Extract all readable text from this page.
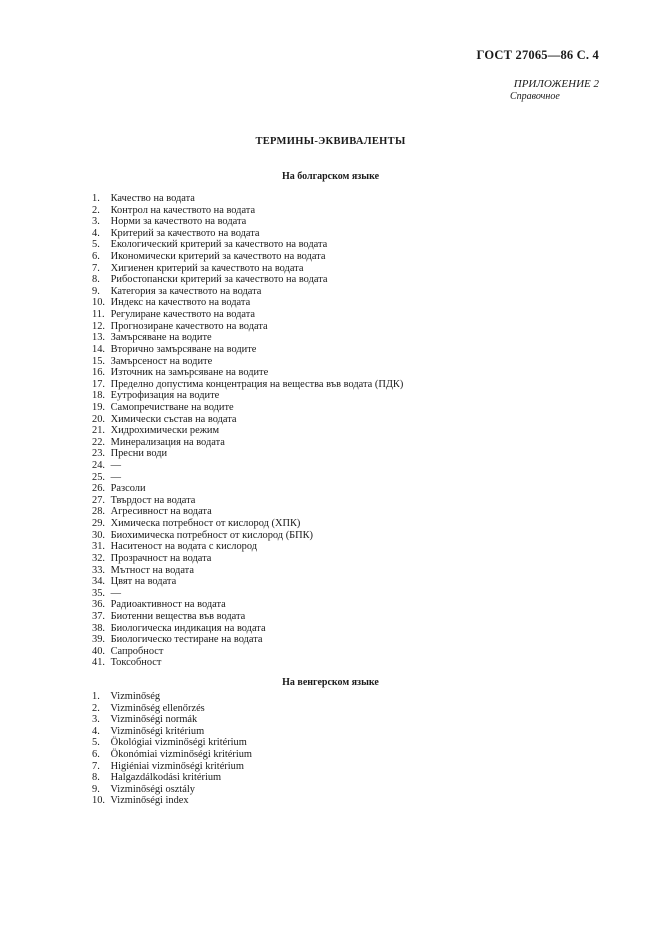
ГОСТ 27065—86 С. 4
ПРИЛОЖЕНИЕ 2
Справочное
ТЕРМИНЫ-ЭКВИВАЛЕНТЫ
На болгарском языке
1. Качество на водата
2. Контрол на качеството на водата
3. Норми за качеството на водата
4. Критерий за качеството на водата
5. Екологический критерий за качеството на водата
6. Икономически критерий за качеството на водата
7. Хигиенен критерий за качеството на водата
8. Рибостопански критерий за качеството на водата
9. Категория за качеството на водата
10. Индекс на качеството на водата
11. Регулиране качеството на водата
12. Прогнозиране качеството на водата
13. Замърсяване на водите
14. Вторично замърсяване на водите
15. Замърсеност на водите
16. Източник на замърсяване на водите
17. Пределно допустима концентрация на вещества във водата (ПДК)
18. Еутрофизация на водите
19. Самопречистване на водите
20. Химически състав на водата
21. Хидрохимически режим
22. Минерализация на водата
23. Пресни води
24. —
25. —
26. Разсоли
27. Твърдост на водата
28. Агресивност на водата
29. Химическа потребност от кислород (ХПК)
30. Биохимическа потребност от кислород (БПК)
31. Наситеност на водата с кислород
32. Прозрачност на водата
33. Мътност на водата
34. Цвят на водата
35. —
36. Радиоактивност на водата
37. Биотенни вещества във водата
38. Биологическа индикация на водата
39. Биологическо тестиране на водата
40. Сапробност
41. Токсобност
На венгерском языке
1. Vizminőség
2. Vizminőség ellenőrzés
3. Vizminőségi normák
4. Vizminőségi kritérium
5. Ökológiai vizminőségi kritérium
6. Ökonómiai vizminőségi kritérium
7. Higiéniai vizminőségi kritérium
8. Halgazdálkodási kritérium
9. Vizminőségi osztály
10. Vizminőségi index
